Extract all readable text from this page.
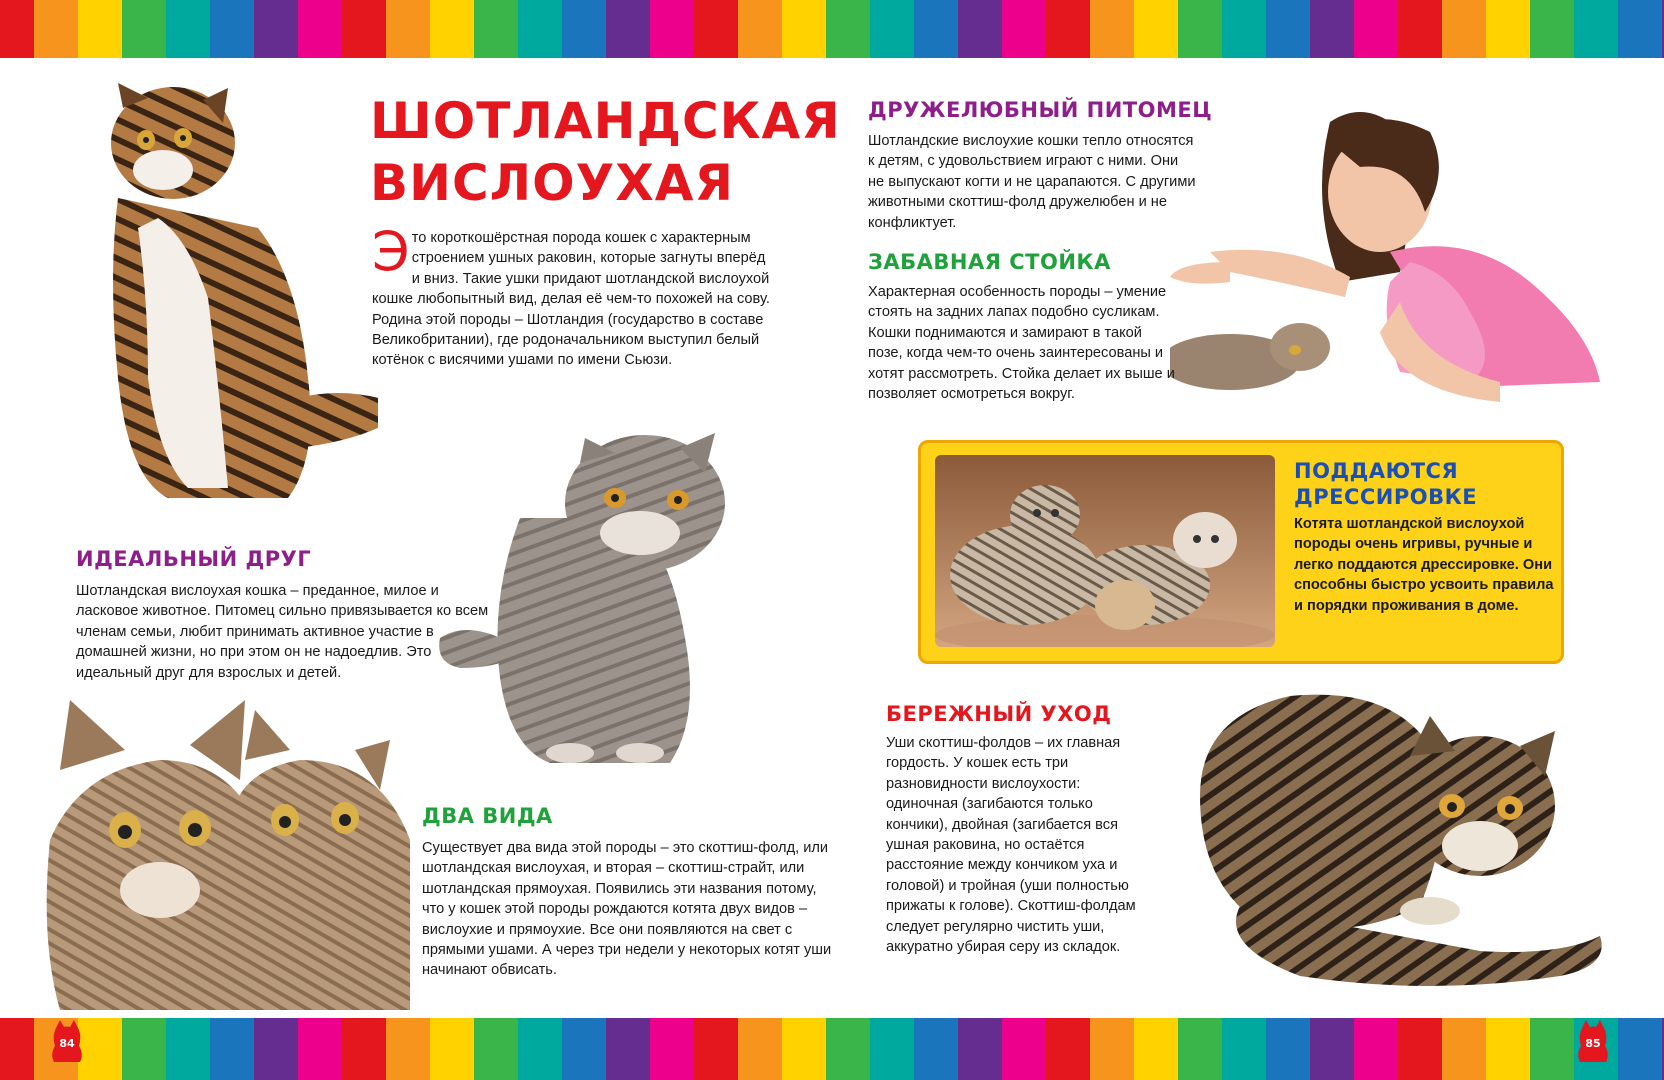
ШОТЛАНДСКАЯ
ВИСЛОУХАЯ
Это короткошёрстная порода кошек с характерным строением ушных раковин, которые загнуты вперёд и вниз. Такие ушки придают шотландской вислоухой кошке любопытный вид, делая её чем-то похожей на сову. Родина этой породы – Шотландия (государство в составе Великобритании), где родоначальником выступил белый котёнок с висячими ушами по имени Сьюзи.
ИДЕАЛЬНЫЙ ДРУГ
Шотландская вислоухая кошка – преданное, милое и ласковое животное. Питомец сильно привязывается ко всем членам семьи, любит принимать активное участие в домашней жизни, но при этом он не надоедлив. Это идеальный друг для взрослых и детей.
ДВА ВИДА
Существует два вида этой породы – это скоттиш-фолд, или шотландская вислоухая, и вторая – скоттиш-страйт, или шотландская прямоухая. Появились эти названия потому, что у кошек этой породы рождаются котята двух видов – вислоухие и прямоухие. Все они появляются на свет с прямыми ушами. А через три недели у некоторых котят уши начинают обвисать.
ДРУЖЕЛЮБНЫЙ ПИТОМЕЦ
Шотландские вислоухие кошки тепло относятся к детям, с удовольствием играют с ними. Они не выпускают когти и не царапаются. С другими животными скоттиш-фолд дружелюбен и не конфликтует.
ЗАБАВНАЯ СТОЙКА
Характерная особенность породы – умение стоять на задних лапах подобно сусликам. Кошки поднимаются и замирают в такой позе, когда чем-то очень заинтересованы и хотят рассмотреть. Стойка делает их выше и позволяет осмотреться вокруг.
ПОДДАЮТСЯ
ДРЕССИРОВКЕ
Котята шотландской вислоухой породы очень игривы, ручные и легко поддаются дрессировке. Они способны быстро усвоить правила и порядки проживания в доме.
БЕРЕЖНЫЙ УХОД
Уши скоттиш-фолдов – их главная гордость. У кошек есть три разновидности вислоухости: одиночная (загибаются только кончики), двойная (загибается вся ушная раковина, но остаётся расстояние между кончиком уха и головой) и тройная (уши полностью прижаты к голове). Скоттиш-фолдам следует регулярно чистить уши, аккуратно убирая серу из складок.
84	85
